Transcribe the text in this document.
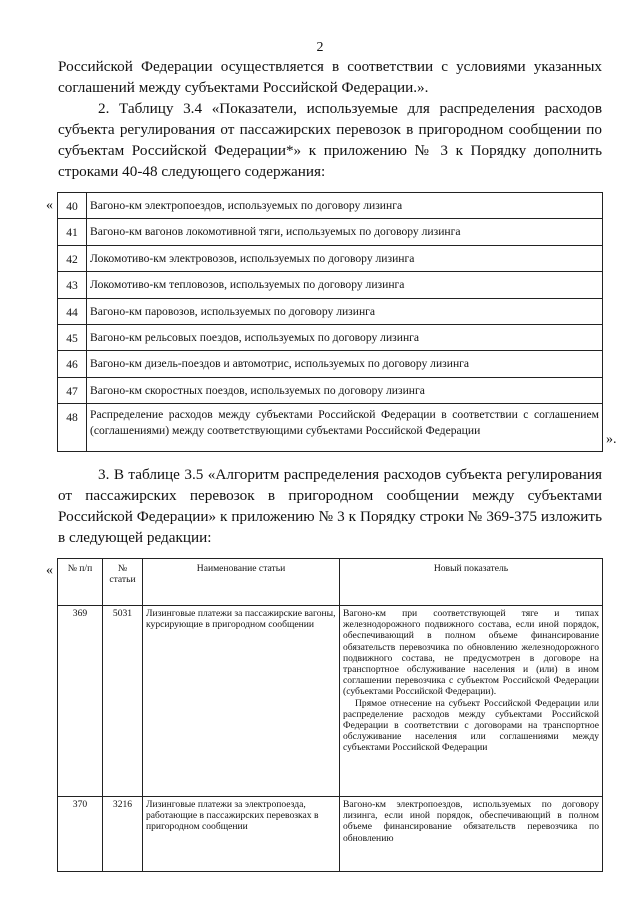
2
Российской Федерации осуществляется в соответствии с условиями указанных соглашений между субъектами Российской Федерации.».
2. Таблицу 3.4 «Показатели, используемые для распределения расходов субъекта регулирования от пассажирских перевозок в пригородном сообщении по субъектам Российской Федерации*» к приложению № 3 к Порядку дополнить строками 40-48 следующего содержания:
« 40	Вагоно-км электропоездов, используемых по договору лизинга
41	Вагоно-км вагонов локомотивной тяги, используемых по договору лизинга
42	Локомотиво-км электровозов, используемых по договору лизинга
43	Локомотиво-км тепловозов, используемых по договору лизинга
44	Вагоно-км паровозов, используемых по договору лизинга
45	Вагоно-км рельсовых поездов, используемых по договору лизинга
46	Вагоно-км дизель-поездов и автомотрис, используемых по договору лизинга
47	Вагоно-км скоростных поездов, используемых по договору лизинга
48	Распределение расходов между субъектами Российской Федерации в соответствии с соглашением (соглашениями) между соответствующими субъектами Российской Федерации
».
3. В таблице 3.5 «Алгоритм распределения расходов субъекта регулирования от пассажирских перевозок в пригородном сообщении между субъектами Российской Федерации» к приложению № 3 к Порядку строки № 369-375 изложить в следующей редакции:
« № п/п	№ статьи	Наименование статьи	Новый показатель
369	5031	Лизинговые платежи за пассажирские вагоны, курсирующие в пригородном сообщении	Вагоно-км при соответствующей тяге и типах железнодорожного подвижного состава, если иной порядок, обеспечивающий в полном объеме финансирование обязательств перевозчика по обновлению железнодорожного подвижного состава, не предусмотрен в договоре на транспортное обслуживание населения и (или) в ином соглашении перевозчика с субъектом Российской Федерации (субъектами Российской Федерации).
Прямое отнесение на субъект Российской Федерации или распределение расходов между субъектами Российской Федерации в соответствии с договорами на транспортное обслуживание населения или соглашениями между субъектами Российской Федерации

370	3216	Лизинговые платежи за электропоезда, работающие в пассажирских перевозках в пригородном сообщении	Вагоно-км электропоездов, используемых по договору лизинга, если иной порядок, обеспечивающий в полном объеме финансирование обязательств перевозчика по обновлению
